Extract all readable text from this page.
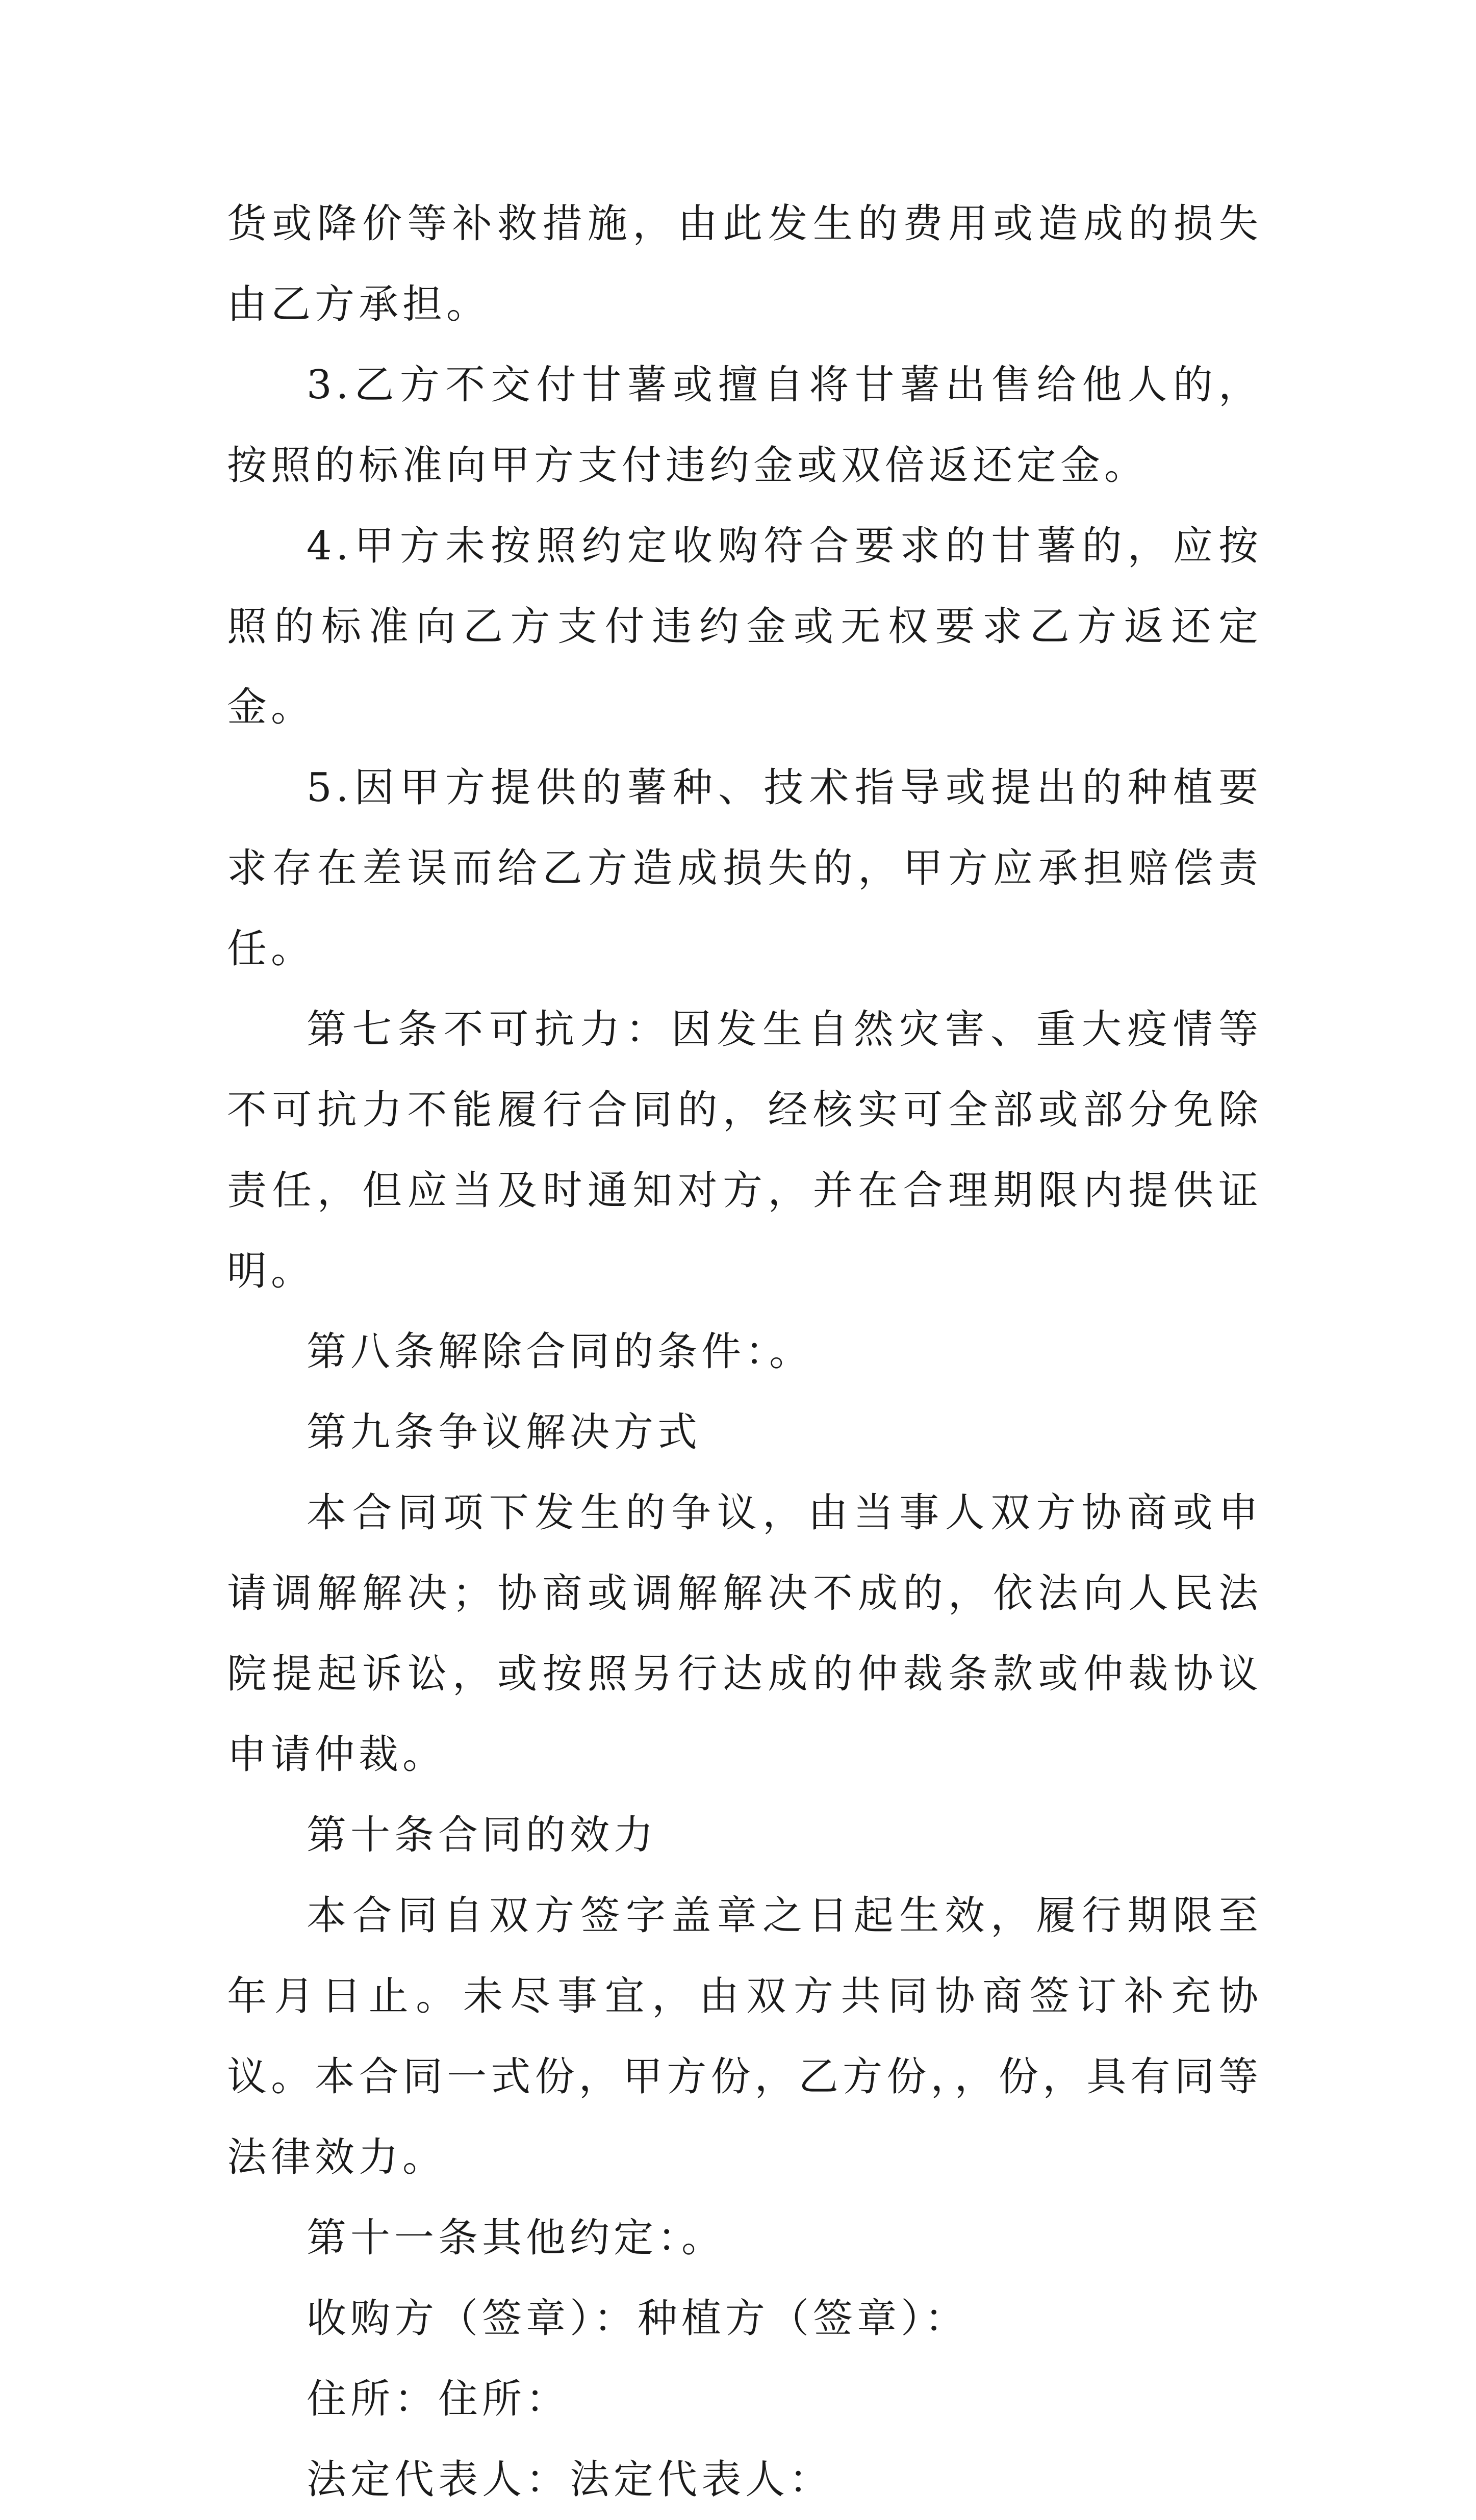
货或降价等补救措施，由此发生的费用或造成的损失由乙方承担。

3.乙方不交付甘薯或擅自将甘薯出售给他人的，按照的标准向甲方支付违约金或双倍返还定金。

4.甲方未按照约定收购符合要求的甘薯的，应按照的标准向乙方支付违约金或无权要求乙方返还定金。

5.因甲方提供的薯种、技术指导或提出的种植要求存在差误而给乙方造成损失的，甲方应承担赔偿责任。

第七条不可抗力：因发生自然灾害、重大疫情等不可抗力不能履行合同的，经核实可全部或部分免除责任，但应当及时通知对方，并在合理期限内提供证明。

第八条解除合同的条件：。

第九条争议解决方式

本合同项下发生的争议，由当事人双方协商或申请调解解决；协商或调解解决不成的，依法向人民法院提起诉讼，或按照另行达成的仲裁条款或仲裁协议申请仲裁。

第十条合同的效力

本合同自双方签字盖章之日起生效，履行期限至年月日止。未尽事宜，由双方共同协商签订补充协议。本合同一式份，甲方份，乙方份，，份，具有同等法律效力。

第十一条其他约定：。

收购方（签章）：种植方（签章）：

住所：住所：

法定代表人：法定代表人：
